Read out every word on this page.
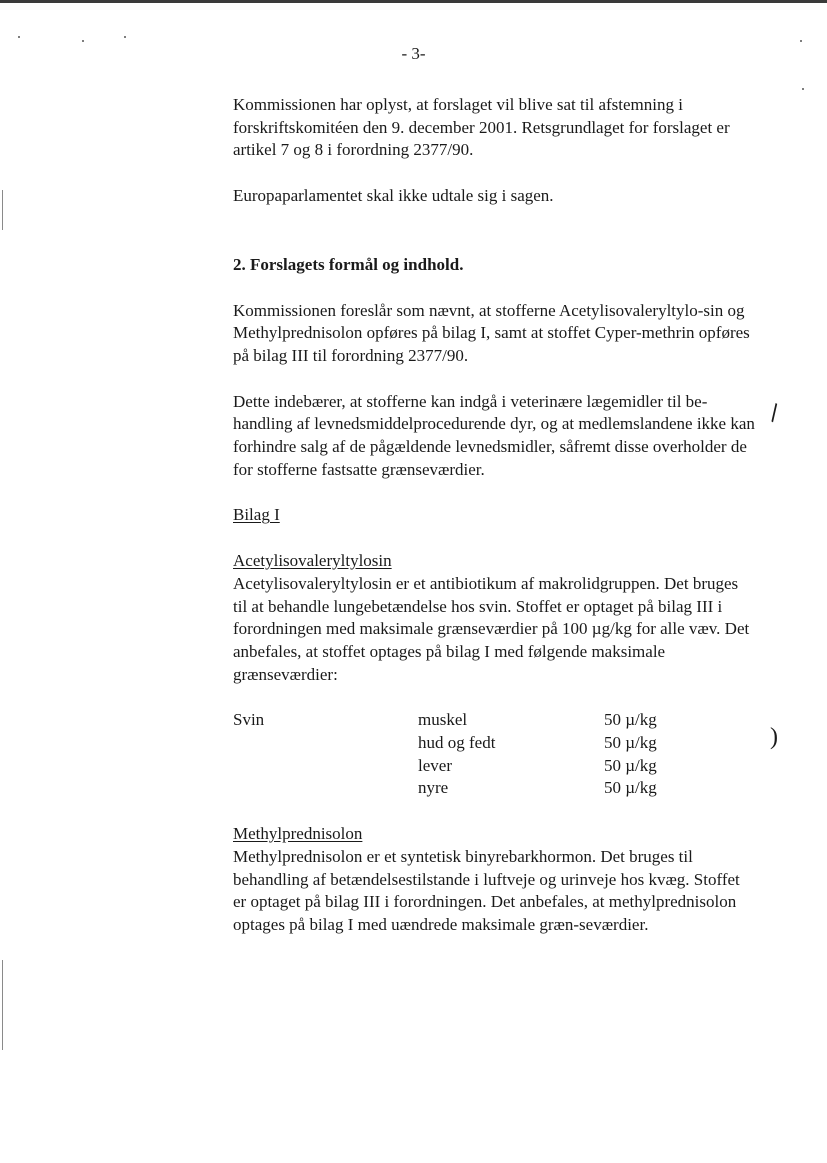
∖
)
- 3-

Kommissionen har oplyst, at forslaget vil blive sat til afstemning i forskriftskomitéen den 9. december 2001. Retsgrundlaget for forslaget er artikel 7 og 8 i forordning 2377/90.

Europaparlamentet skal ikke udtale sig i sagen.

2. Forslagets formål og indhold.

Kommissionen foreslår som nævnt, at stofferne Acetylisovaleryltylo-sin og Methylprednisolon opføres på bilag I, samt at stoffet Cyper-methrin opføres på bilag III til forordning 2377/90.

Dette indebærer, at stofferne kan indgå i veterinære lægemidler til be-handling af levnedsmiddelprocedurende dyr, og at medlemslandene ikke kan forhindre salg af de pågældende levnedsmidler, såfremt disse overholder de for stofferne fastsatte grænseværdier.

Bilag I

Acetylisovaleryltylosin

Acetylisovaleryltylosin er et antibiotikum af makrolidgruppen. Det bruges til at behandle lungebetændelse hos svin. Stoffet er optaget på bilag III i forordningen med maksimale grænseværdier på 100 µg/kg for alle væv. Det anbefales, at stoffet optages på bilag I med følgende maksimale grænseværdier:

Svin	muskel	50 µ/kg
	hud og fedt	50 µ/kg
	lever	50 µ/kg
	nyre	50 µ/kg

Methylprednisolon

Methylprednisolon er et syntetisk binyrebarkhormon. Det bruges til behandling af betændelsestilstande i luftveje og urinveje hos kvæg. Stoffet er optaget på bilag III i forordningen. Det anbefales, at methylprednisolon optages på bilag I med uændrede maksimale græn-seværdier.
